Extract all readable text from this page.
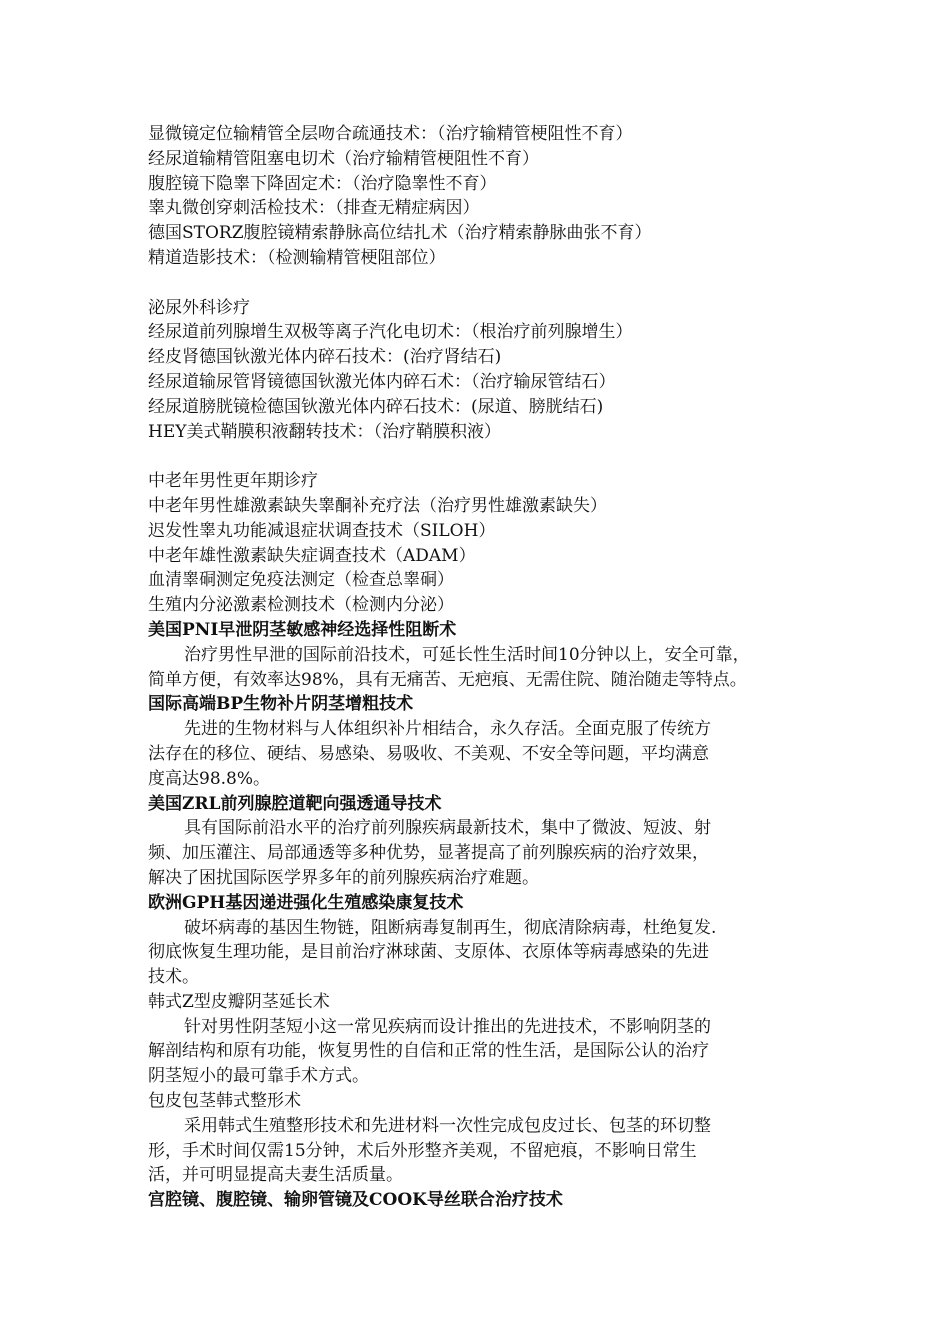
显微镜定位输精管全层吻合疏通技术：（治疗输精管梗阻性不育）
经尿道输精管阻塞电切术（治疗输精管梗阻性不育）
腹腔镜下隐睾下降固定术：（治疗隐睾性不育）
睾丸微创穿刺活检技术：（排查无精症病因）
德国STORZ腹腔镜精索静脉高位结扎术（治疗精索静脉曲张不育）
精道造影技术：（检测输精管梗阻部位）
泌尿外科诊疗
经尿道前列腺增生双极等离子汽化电切术：（根治疗前列腺增生）
经皮肾德国钬激光体内碎石技术：(治疗肾结石)
经尿道输尿管肾镜德国钬激光体内碎石术：（治疗输尿管结石）
经尿道膀胱镜检德国钬激光体内碎石技术：(尿道、膀胱结石)
HEY美式鞘膜积液翻转技术：（治疗鞘膜积液）
中老年男性更年期诊疗
中老年男性雄激素缺失睾酮补充疗法（治疗男性雄激素缺失）
迟发性睾丸功能减退症状调查技术（SILOH）
中老年雄性激素缺失症调查技术（ADAM）
血清睾硐测定免疫法测定（检查总睾硐）
生殖内分泌激素检测技术（检测内分泌）
美国PNI早泄阴茎敏感神经选择性阻断术
治疗男性早泄的国际前沿技术，可延长性生活时间10分钟以上，安全可靠，
简单方便，有效率达98%，具有无痛苦、无疤痕、无需住院、随治随走等特点。
国际高端BP生物补片阴茎增粗技术
先进的生物材料与人体组织补片相结合，永久存活。全面克服了传统方
法存在的移位、硬结、易感染、易吸收、不美观、不安全等问题，平均满意
度高达98.8%。
美国ZRL前列腺腔道靶向强透通导技术
具有国际前沿水平的治疗前列腺疾病最新技术，集中了微波、短波、射
频、加压灌注、局部通透等多种优势，显著提高了前列腺疾病的治疗效果，
解决了困扰国际医学界多年的前列腺疾病治疗难题。
欧洲GPH基因递进强化生殖感染康复技术
破坏病毒的基因生物链，阻断病毒复制再生，彻底清除病毒，杜绝复发.
彻底恢复生理功能，是目前治疗淋球菌、支原体、衣原体等病毒感染的先进
技术。
韩式Z型皮瓣阴茎延长术
针对男性阴茎短小这一常见疾病而设计推出的先进技术，不影响阴茎的
解剖结构和原有功能，恢复男性的自信和正常的性生活，是国际公认的治疗
阴茎短小的最可靠手术方式。
包皮包茎韩式整形术
采用韩式生殖整形技术和先进材料一次性完成包皮过长、包茎的环切整
形，手术时间仅需15分钟，术后外形整齐美观，不留疤痕，不影响日常生
活，并可明显提高夫妻生活质量。
宫腔镜、腹腔镜、输卵管镜及COOK导丝联合治疗技术
